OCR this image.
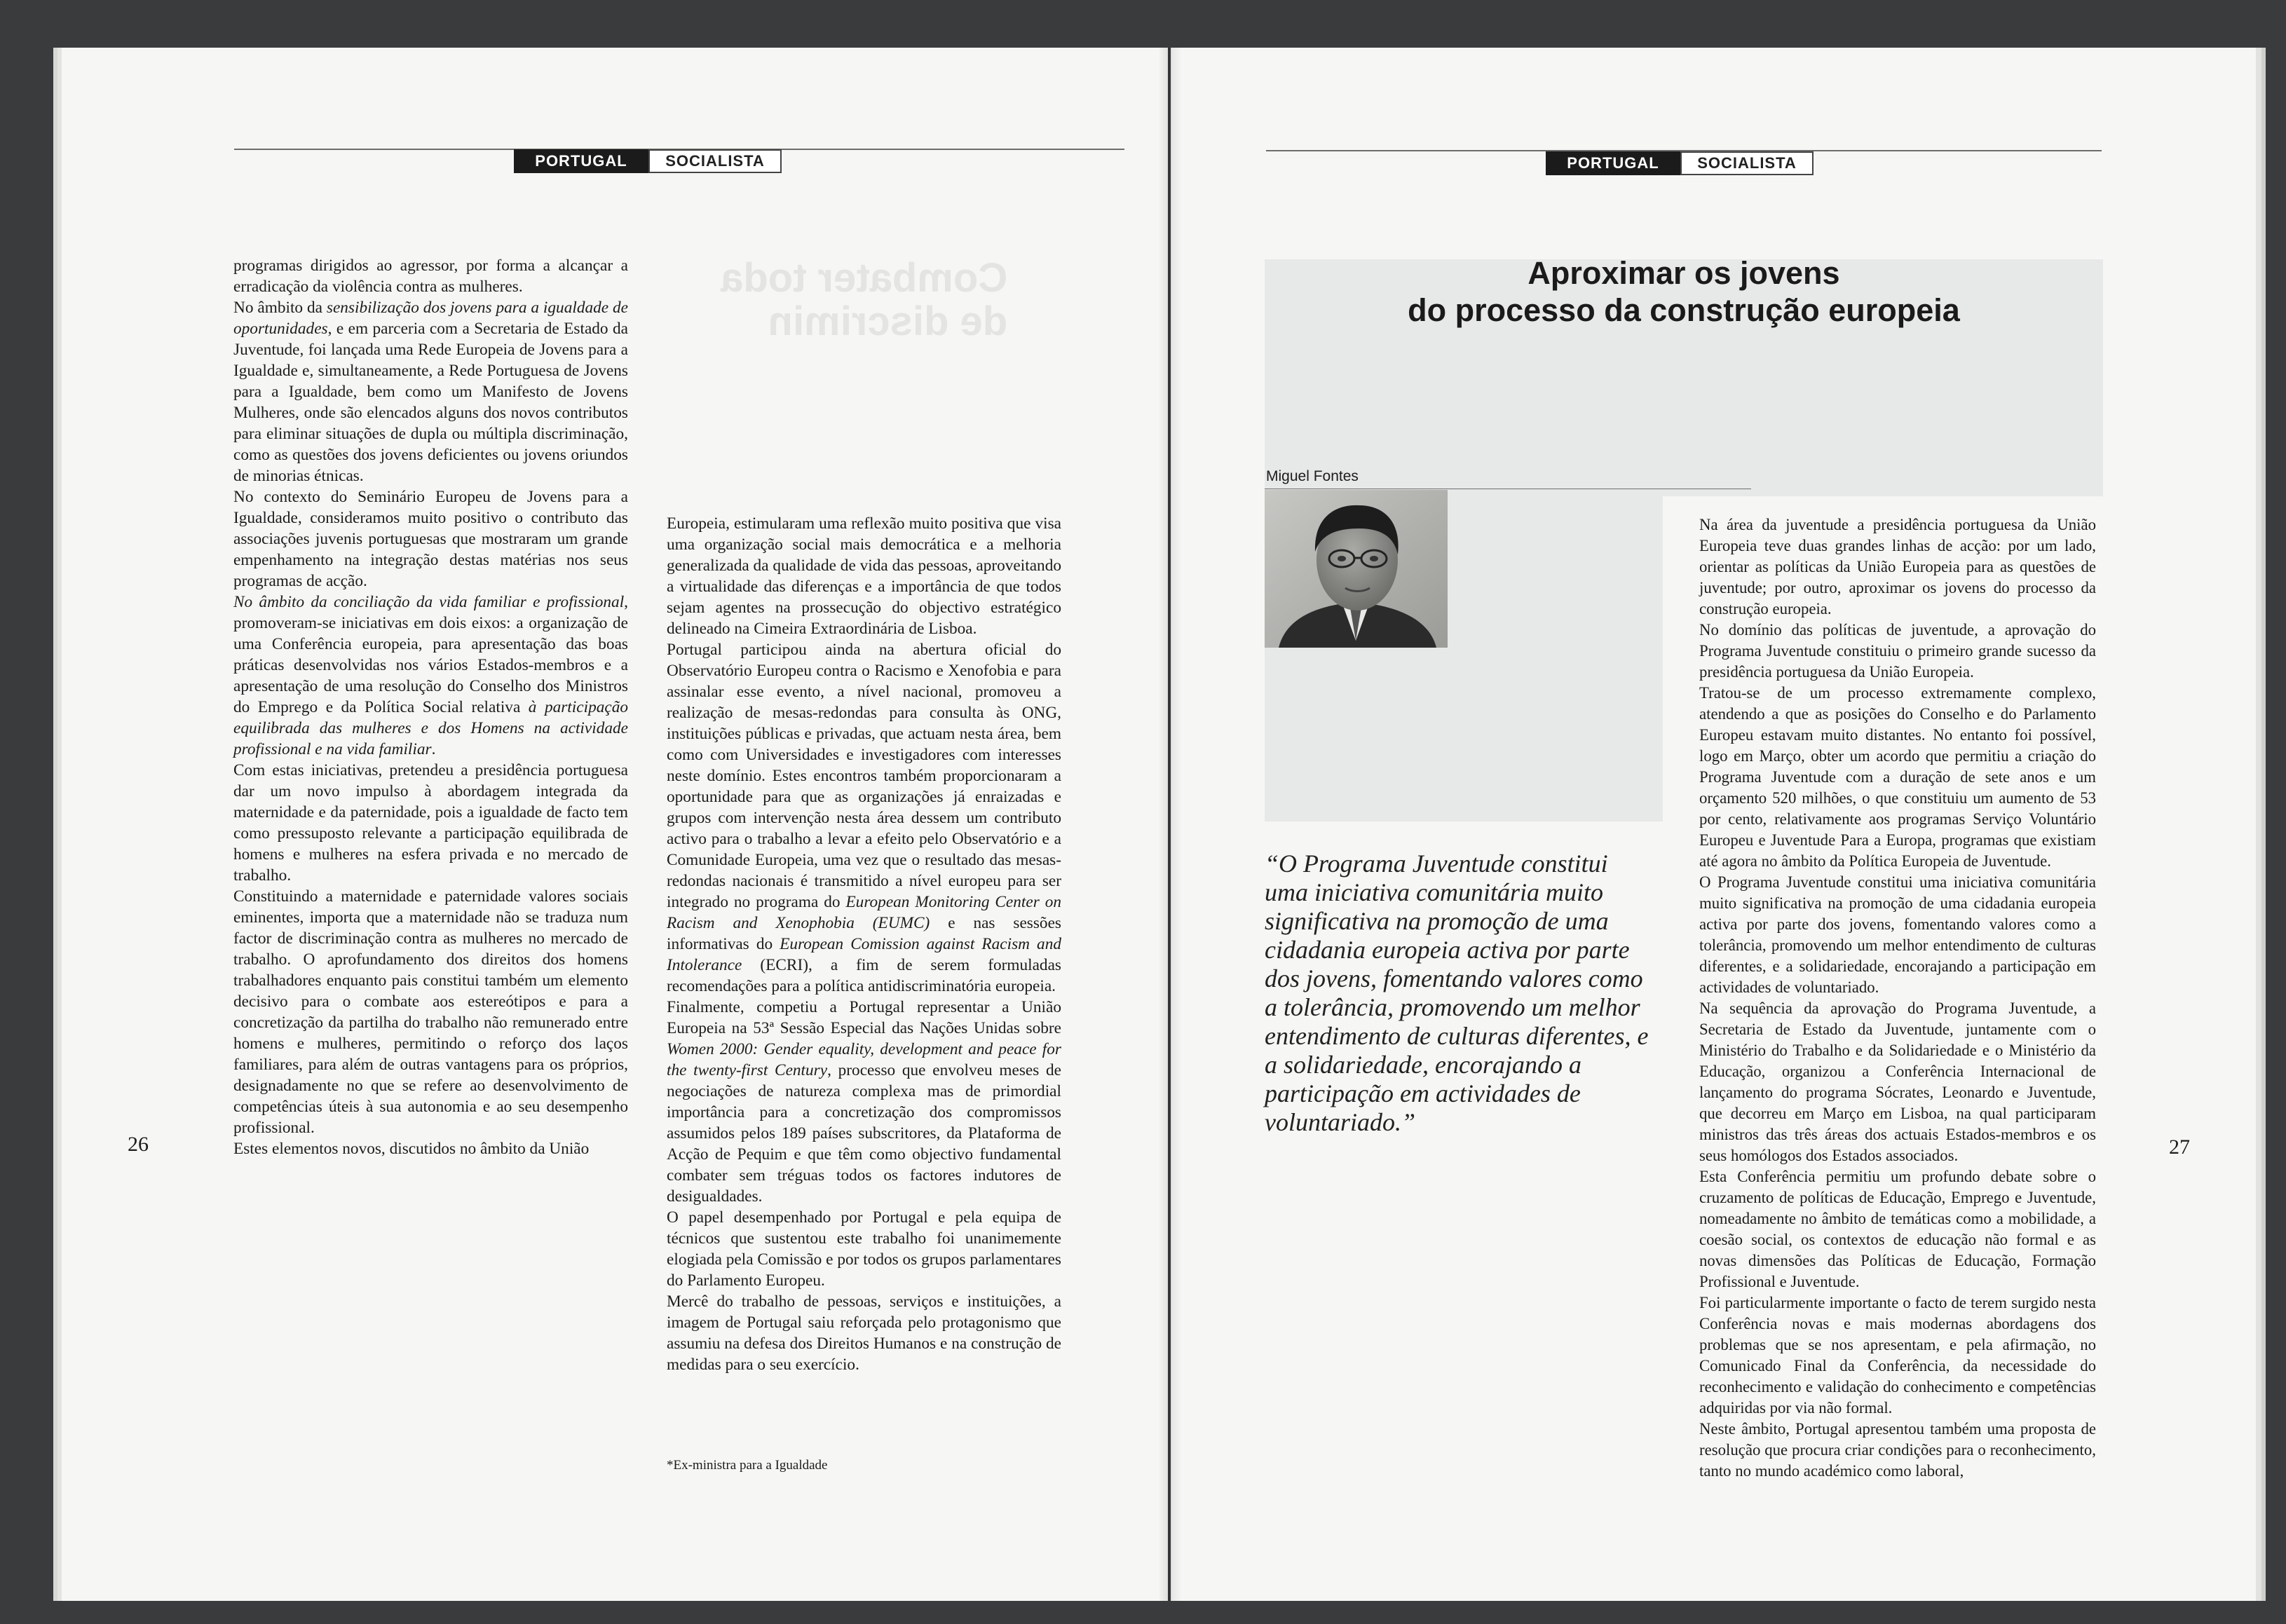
Combater toda
de discrimin
PORTUGAL	SOCIALISTA

programas dirigidos ao agressor, por forma a alcançar a erradicação da violência contra as mulheres.

No âmbito da sensibilização dos jovens para a igualdade de oportunidades, e em parceria com a Secretaria de Estado da Juventude, foi lançada uma Rede Europeia de Jovens para a Igualdade e, simultaneamente, a Rede Portuguesa de Jovens para a Igualdade, bem como um Manifesto de Jovens Mulheres, onde são elencados alguns dos novos contributos para eliminar situações de dupla ou múltipla discriminação, como as questões dos jovens deficientes ou jovens oriundos de minorias étnicas.

No contexto do Seminário Europeu de Jovens para a Igualdade, consideramos muito positivo o contributo das associações juvenis portuguesas que mostraram um grande empenhamento na integração destas matérias nos seus programas de acção.

No âmbito da conciliação da vida familiar e profissional, promoveram-se iniciativas em dois eixos: a organização de uma Conferência europeia, para apresentação das boas práticas desenvolvidas nos vários Estados-membros e a apresentação de uma resolução do Conselho dos Ministros do Emprego e da Política Social relativa à participação equilibrada das mulheres e dos Homens na actividade profissional e na vida familiar.

Com estas iniciativas, pretendeu a presidência portuguesa dar um novo impulso à abordagem integrada da maternidade e da paternidade, pois a igualdade de facto tem como pressuposto relevante a participação equilibrada de homens e mulheres na esfera privada e no mercado de trabalho.

Constituindo a maternidade e paternidade valores sociais eminentes, importa que a maternidade não se traduza num factor de discriminação contra as mulheres no mercado de trabalho. O aprofundamento dos direitos dos homens trabalhadores enquanto pais constitui também um elemento decisivo para o combate aos estereótipos e para a concretização da partilha do trabalho não remunerado entre homens e mulheres, permitindo o reforço dos laços familiares, para além de outras vantagens para os próprios, designadamente no que se refere ao desenvolvimento de competências úteis à sua autonomia e ao seu desempenho profissional.

Estes elementos novos, discutidos no âmbito da União

Europeia, estimularam uma reflexão muito positiva que visa uma organização social mais democrática e a melhoria generalizada da qualidade de vida das pessoas, aproveitando a virtualidade das diferenças e a importância de que todos sejam agentes na prossecução do objectivo estratégico delineado na Cimeira Extraordinária de Lisboa.

Portugal participou ainda na abertura oficial do Observatório Europeu contra o Racismo e Xenofobia e para assinalar esse evento, a nível nacional, promoveu a realização de mesas-redondas para consulta às ONG, instituições públicas e privadas, que actuam nesta área, bem como com Universidades e investigadores com interesses neste domínio. Estes encontros também proporcionaram a oportunidade para que as organizações já enraizadas e grupos com intervenção nesta área dessem um contributo activo para o trabalho a levar a efeito pelo Observatório e a Comunidade Europeia, uma vez que o resultado das mesas-redondas nacionais é transmitido a nível europeu para ser integrado no programa do European Monitoring Center on Racism and Xenophobia (EUMC) e nas sessões informativas do European Comission against Racism and Intolerance (ECRI), a fim de serem formuladas recomendações para a política antidiscriminatória europeia.

Finalmente, competiu a Portugal representar a União Europeia na 53ª Sessão Especial das Nações Unidas sobre Women 2000: Gender equality, development and peace for the twenty-first Century, processo que envolveu meses de negociações de natureza complexa mas de primordial importância para a concretização dos compromissos assumidos pelos 189 países subscritores, da Plataforma de Acção de Pequim e que têm como objectivo fundamental combater sem tréguas todos os factores indutores de desigualdades.

O papel desempenhado por Portugal e pela equipa de técnicos que sustentou este trabalho foi unanimemente elogiada pela Comissão e por todos os grupos parlamentares do Parlamento Europeu.

Mercê do trabalho de pessoas, serviços e instituições, a imagem de Portugal saiu reforçada pelo protagonismo que assumiu na defesa dos Direitos Humanos e na construção de medidas para o seu exercício.

*Ex-ministra para a Igualdade
26
PORTUGAL	SOCIALISTA
Aproximar os jovens
do processo da construção europeia
Miguel Fontes
“O Programa Juventude constitui uma iniciativa comunitária muito significativa na promoção de uma cidadania europeia activa por parte dos jovens, fomentando valores como a tolerância, promovendo um melhor entendimento de culturas diferentes, e a solidariedade, encorajando a participação em actividades de voluntariado.”

Na área da juventude a presidência portuguesa da União Europeia teve duas grandes linhas de acção: por um lado, orientar as políticas da União Europeia para as questões de juventude; por outro, aproximar os jovens do processo da construção europeia.

No domínio das políticas de juventude, a aprovação do Programa Juventude constituiu o primeiro grande sucesso da presidência portuguesa da União Europeia.

Tratou-se de um processo extremamente complexo, atendendo a que as posições do Conselho e do Parlamento Europeu estavam muito distantes. No entanto foi possível, logo em Março, obter um acordo que permitiu a criação do Programa Juventude com a duração de sete anos e um orçamento 520 milhões, o que constituiu um aumento de 53 por cento, relativamente aos programas Serviço Voluntário Europeu e Juventude Para a Europa, programas que existiam até agora no âmbito da Política Europeia de Juventude.

O Programa Juventude constitui uma iniciativa comunitária muito significativa na promoção de uma cidadania europeia activa por parte dos jovens, fomentando valores como a tolerância, promovendo um melhor entendimento de culturas diferentes, e a solidariedade, encorajando a participação em actividades de voluntariado.

Na sequência da aprovação do Programa Juventude, a Secretaria de Estado da Juventude, juntamente com o Ministério do Trabalho e da Solidariedade e o Ministério da Educação, organizou a Conferência Internacional de lançamento do programa Sócrates, Leonardo e Juventude, que decorreu em Março em Lisboa, na qual participaram ministros das três áreas dos actuais Estados-membros e os seus homólogos dos Estados associados.

Esta Conferência permitiu um profundo debate sobre o cruzamento de políticas de Educação, Emprego e Juventude, nomeadamente no âmbito de temáticas como a mobilidade, a coesão social, os contextos de educação não formal e as novas dimensões das Políticas de Educação, Formação Profissional e Juventude.

Foi particularmente importante o facto de terem surgido nesta Conferência novas e mais modernas abordagens dos problemas que se nos apresentam, e pela afirmação, no Comunicado Final da Conferência, da necessidade do reconhecimento e validação do conhecimento e competências adquiridas por via não formal.

Neste âmbito, Portugal apresentou também uma proposta de resolução que procura criar condições para o reconhecimento, tanto no mundo académico como laboral,

27
